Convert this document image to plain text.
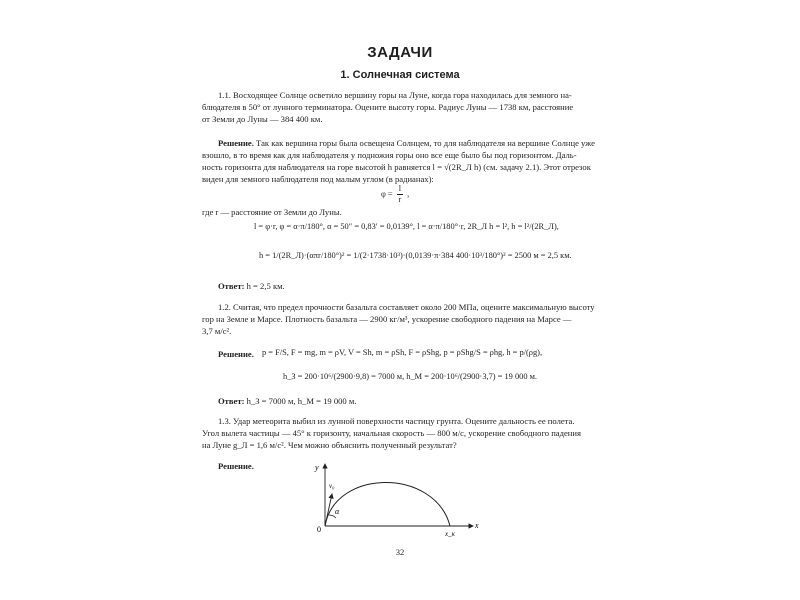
ЗАДАЧИ
1. Солнечная система
1.1. Восходящее Солнце осветило вершину горы на Луне, когда гора находилась для земного на-
блюдателя в 50° от лунного терминатора. Оцените высоту горы. Радиус Луны — 1738 км, расстояние
от Земли до Луны — 384 400 км.
Решение. Так как вершина горы была освещена Солнцем, то для наблюдателя на вершине Солнце уже
взошло, в то время как для наблюдателя у подножия горы оно все еще было бы под горизонтом. Даль-
ность горизонта для наблюдателя на горе высотой h равняется l = √(2R_Л h) (см. задачу 2.1). Этот отрезок
виден для земного наблюдателя под малым углом (в радианах):
$\varphi = \frac{l}{r}$ ,
где r — расстояние от Земли до Луны.
l = φ·r, φ = α·π/180°, α = 50″ = 0,83′ = 0,0139°, l = α·π/180°·r, 2R_Л h = l², h = l²/(2R_Л),
h = 1/(2R_Л)·(απr/180°)² = 1/(2·1738·10³)·(0,0139·π·384 400·10³/180°)² = 2500 м = 2,5 км.
Ответ: h = 2,5 км.
1.2. Считая, что предел прочности базальта составляет около 200 МПа, оцените максимальную высоту
гор на Земле и Марсе. Плотность базальта — 2900 кг/м³, ускорение свободного падения на Марсе —
3,7 м/с².
Решение. p = F/S, F = mg, m = ρV, V = Sh, m = ρSh, F = ρShg, p = ρShg/S = ρhg, h = p/(ρg),
h_З = 200·10⁶/(2900·9,8) = 7000 м, h_М = 200·10⁶/(2900·3,7) = 19 000 м.
Ответ: h_З = 7000 м, h_М = 19 000 м.
1.3. Удар метеорита выбил из лунной поверхности частицу грунта. Оцените дальность ее полета.
Угол вылета частицы — 45° к горизонту, начальная скорость — 800 м/с, ускорение свободного падения
на Луне g_Л = 1,6 м/с². Чем можно объяснить полученный результат?
Решение.	y
x
0
v₀
α
x_к
32
